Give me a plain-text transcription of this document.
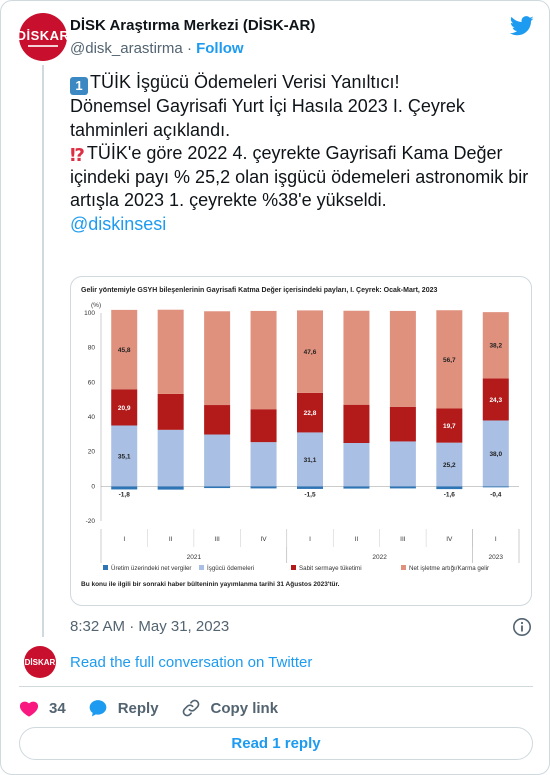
DİSKAR
DİSK Araştırma Merkezi (DİSK-AR)
@disk_arastirma · Follow
1 TÜİK İşgücü Ödemeleri Verisi Yanıltıcı!
Dönemsel Gayrisafi Yurt İçi Hasıla 2023 I. Çeyrek tahminleri açıklandı.
⁉ TÜİK'e göre 2022 4. çeyrekte Gayrisafi Kama Değer içindeki payı % 25,2 olan işgücü ödemeleri astronomik bir artışla 2023 1. çeyrekte %38'e yükseldi.
@diskinsesi
Gelir yöntemiyle GSYH bileşenlerinin Gayrisafi Katma Değer içerisindeki payları, I. Çeyrek: Ocak-Mart, 2023
(%)
-20
0
20
40
60
80
100
I	II	III	IV	I	II	III	IV	I
45,8
20,9
35,1
-1,8
47,6
22,8
31,1
-1,5
56,7
19,7
25,2
-1,6
38,2
24,3
38,0
-0,4
2021	2022	2023
Üretim üzerindeki net vergiler	İşgücü ödemeleri	Sabit sermaye tüketimi	Net işletme artığı/Karma gelir
Bu konu ile ilgili bir sonraki haber bülteninin yayımlanma tarihi 31 Ağustos 2023'tür.
8:32 AM · May 31, 2023
DİSKAR Read the full conversation on Twitter
34	Reply	Copy link
Read 1 reply
